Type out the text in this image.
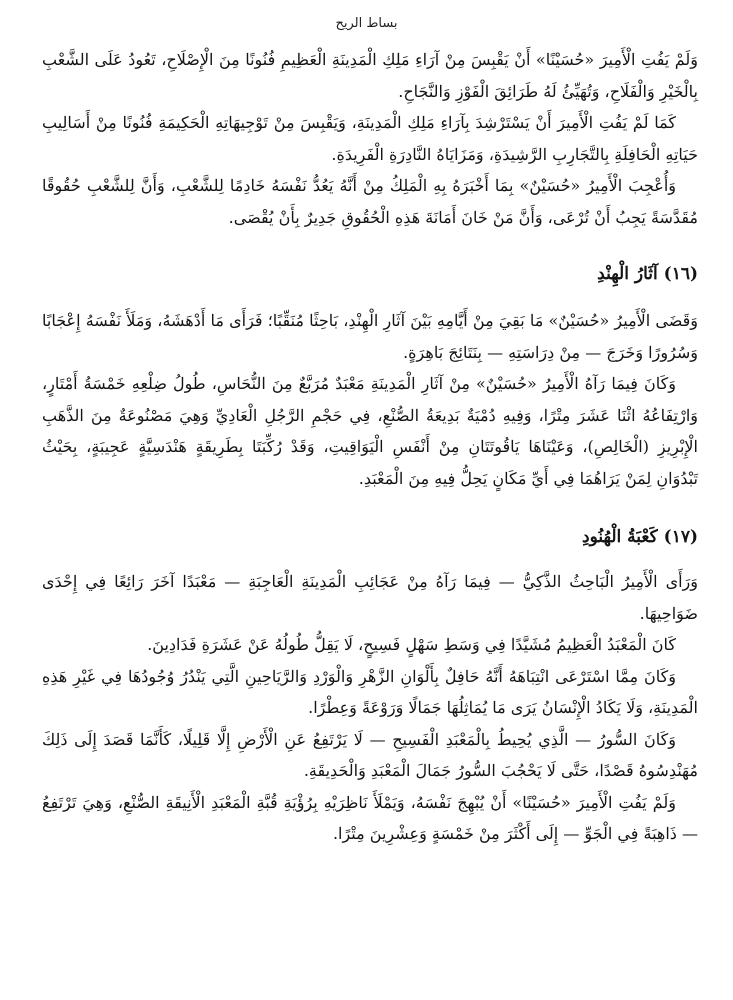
بساط الريح

وَلَمْ يَفُتِ الْأَمِيرَ «حُسَيْنًا» أَنْ يَقْبِسَ مِنْ آرَاءِ مَلِكِ الْمَدِينَةِ الْعَظِيمِ فُنُونًا مِنَ الْإِصْلَاحِ، تَعُودُ عَلَى الشَّعْبِ بِالْخَيْرِ وَالْفَلَاحِ، وَتُهَيِّئُ لَهُ طَرَائِقَ الْفَوْزِ وَالنَّجَاحِ.

كَمَا لَمْ يَفُتِ الْأَمِيرَ أَنْ يَسْتَرْشِدَ بِآرَاءِ مَلِكِ الْمَدِينَةِ، وَيَقْبِسَ مِنْ تَوْجِيهَاتِهِ الْحَكِيمَةِ فُنُونًا مِنْ أَسَالِيبِ حَيَاتِهِ الْحَافِلَةِ بِالتَّجَارِبِ الرَّشِيدَةِ، وَمَزَايَاهُ النَّادِرَةِ الْفَرِيدَةِ.

وَأُعْجِبَ الْأَمِيرُ «حُسَيْنٌ» بِمَا أَخْبَرَهُ بِهِ الْمَلِكُ مِنْ أَنَّهُ يَعُدُّ نَفْسَهُ خَادِمًا لِلشَّعْبِ، وَأَنَّ لِلشَّعْبِ حُقُوقًا مُقَدَّسَةً يَجِبُ أَنْ تُرْعَى، وَأَنَّ مَنْ خَانَ أَمَانَةَ هَذِهِ الْحُقُوقِ جَدِيرٌ بِأَنْ يُقْصَى.

(١٦) آثَارُ الْهِنْدِ

وَقَضَى الْأَمِيرُ «حُسَيْنٌ» مَا بَقِيَ مِنْ أَيَّامِهِ بَيْنَ آثَارِ الْهِنْدِ، بَاحِثًا مُنَقِّبًا؛ فَرَأَى مَا أَدْهَشَهُ، وَمَلَأَ نَفْسَهُ إِعْجَابًا وَسُرُورًا وَخَرَجَ — مِنْ دِرَاسَتِهِ — بِنَتَائِجَ بَاهِرَةٍ.

وَكَانَ فِيمَا رَآهُ الْأَمِيرُ «حُسَيْنٌ» مِنْ آثَارِ الْمَدِينَةِ مَعْبَدٌ مُرَبَّعٌ مِنَ النُّحَاسِ، طُولُ ضِلْعِهِ خَمْسَةُ أَمْتَارٍ، وَارْتِفَاعُهُ اثْنَا عَشَرَ مِتْرًا، وَفِيهِ دُمْيَةٌ بَدِيعَةُ الصُّنْعِ، فِي حَجْمِ الرَّجُلِ الْعَادِيِّ وَهِيَ مَصْنُوعَةٌ مِنَ الذَّهَبِ الْإِبْرِيزِ (الْخَالِصِ)، وَعَيْنَاهَا يَاقُوتَتَانِ مِنْ أَنْفَسِ الْيَوَاقِيتِ، وَقَدْ رُكِّبَتَا بِطَرِيقَةٍ هَنْدَسِيَّةٍ عَجِيبَةٍ، بِحَيْثُ تَبْدُوَانِ لِمَنْ يَرَاهُمَا فِي أَيِّ مَكَانٍ يَحِلُّ فِيهِ مِنَ الْمَعْبَدِ.

(١٧) كَعْبَةُ الْهُنُودِ

وَرَأَى الْأَمِيرُ الْبَاحِثُ الذَّكِيُّ — فِيمَا رَآهُ مِنْ عَجَائِبِ الْمَدِينَةِ الْعَاجِبَةِ — مَعْبَدًا آخَرَ رَائِعًا فِي إِحْدَى ضَوَاحِيهَا.

كَانَ الْمَعْبَدُ الْعَظِيمُ مُشَيَّدًا فِي وَسَطِ سَهْلٍ فَسِيحٍ، لَا يَقِلُّ طُولُهُ عَنْ عَشَرَةِ فَدَادِينَ.

وَكَانَ مِمَّا اسْتَرْعَى انْتِبَاهَهُ أَنَّهُ حَافِلٌ بِأَلْوَانِ الزَّهْرِ وَالْوَرْدِ وَالرَّيَاحِينِ الَّتِي يَنْدُرُ وُجُودُهَا فِي غَيْرِ هَذِهِ الْمَدِينَةِ، وَلَا يَكَادُ الْإِنْسَانُ يَرَى مَا يُمَاثِلُهَا جَمَالًا وَرَوْعَةً وَعِطْرًا.

وَكَانَ السُّورُ — الَّذِي يُحِيطُ بِالْمَعْبَدِ الْفَسِيحِ — لَا يَرْتَفِعُ عَنِ الْأَرْضِ إِلَّا قَلِيلًا، كَأَنَّمَا قَصَدَ إِلَى ذَلِكَ مُهَنْدِسُوهُ قَصْدًا، حَتَّى لَا يَحْجُبَ السُّورُ جَمَالَ الْمَعْبَدِ وَالْحَدِيقَةِ.

وَلَمْ يَفُتِ الْأَمِيرَ «حُسَيْنًا» أَنْ يُبْهِجَ نَفْسَهُ، وَيَمْلَأَ نَاظِرَيْهِ بِرُؤْيَةِ قُبَّةِ الْمَعْبَدِ الْأَنِيقَةِ الصُّنْعِ، وَهِيَ تَرْتَفِعُ — ذَاهِبَةً فِي الْجَوِّ — إِلَى أَكْثَرَ مِنْ خَمْسَةٍ وَعِشْرِينَ مِتْرًا.
